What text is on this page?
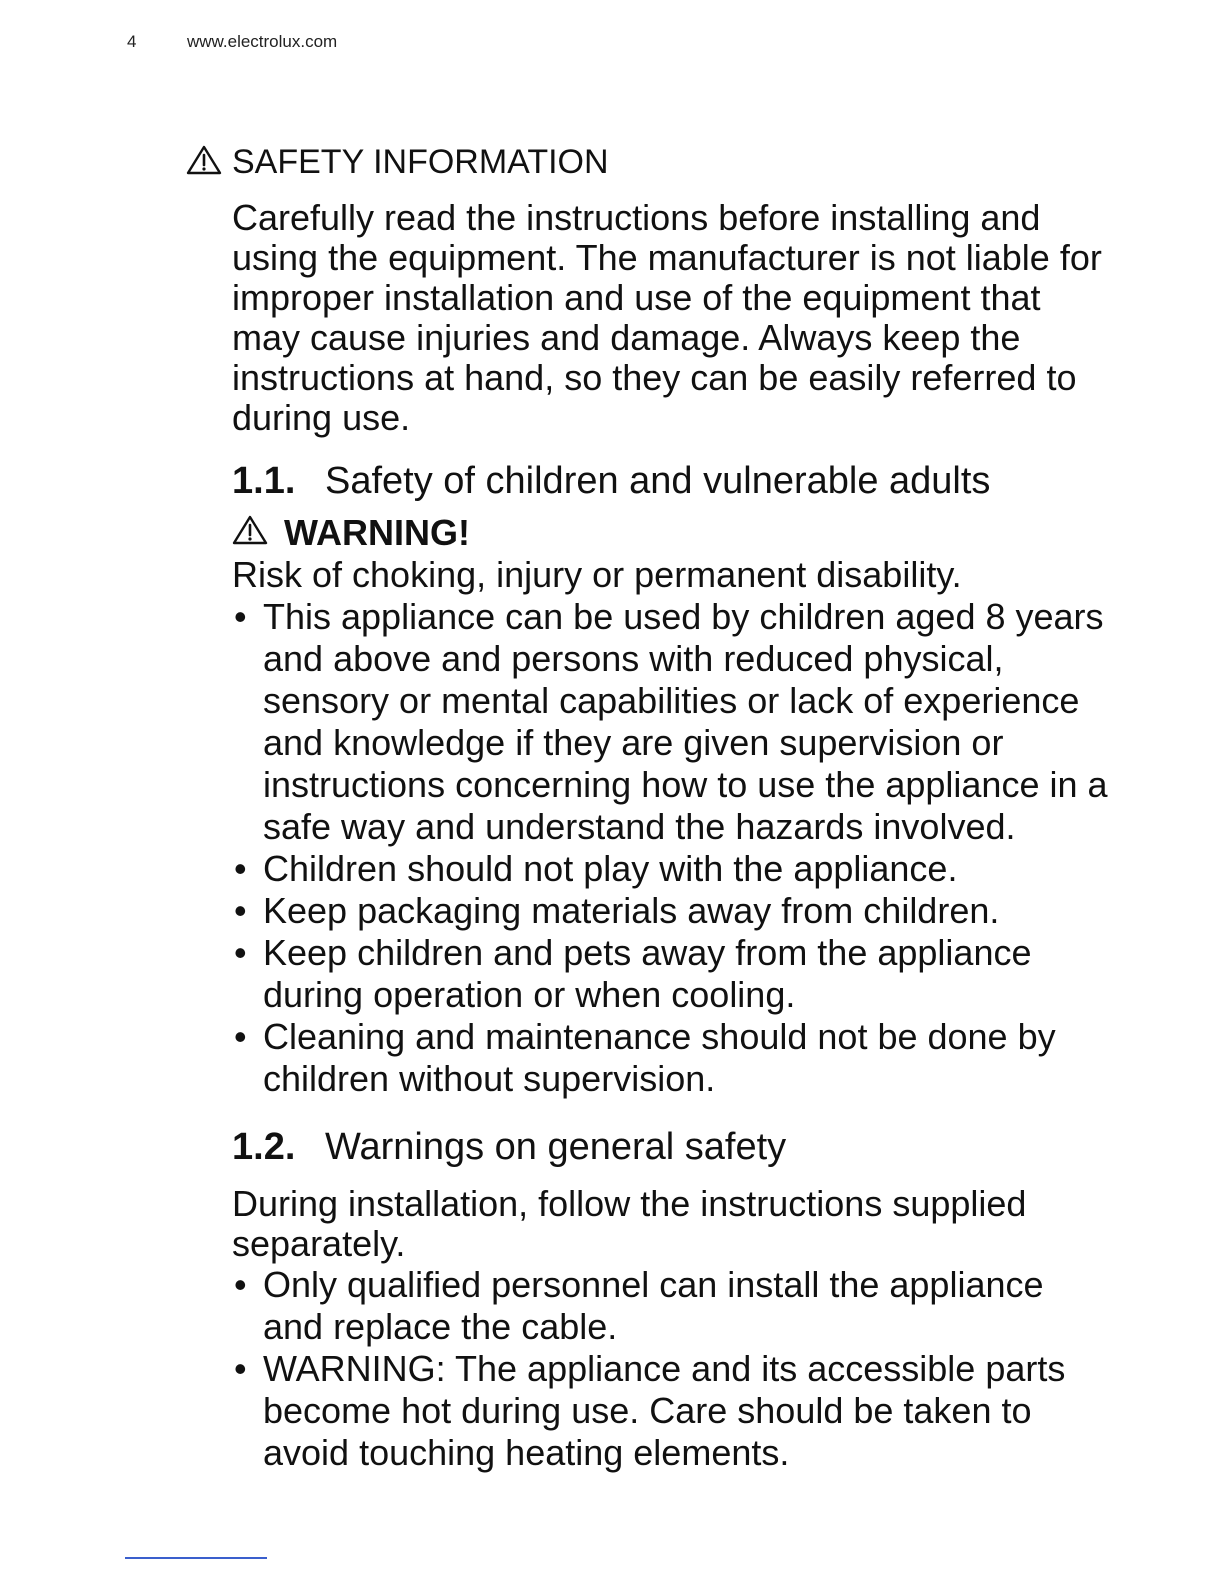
4	www.electrolux.com
SAFETY INFORMATION

Carefully read the instructions before installing and using the equipment. The manufacturer is not liable for improper installation and use of the equipment that may cause injuries and damage. Always keep the instructions at hand, so they can be easily referred to during use.

1.1. Safety of children and vulnerable adults
WARNING!

Risk of choking, injury or permanent disability.

• This appliance can be used by children aged 8 years and above and persons with reduced physical, sensory or mental capabilities or lack of experience and knowledge if they are given supervision or instructions concerning how to use the appliance in a safe way and understand the hazards involved.
• Children should not play with the appliance.
• Keep packaging materials away from children.
• Keep children and pets away from the appliance during operation or when cooling.
• Cleaning and maintenance should not be done by children without supervision.
1.2. Warnings on general safety

During installation, follow the instructions supplied separately.

• Only qualified personnel can install the appliance and replace the cable.
• WARNING: The appliance and its accessible parts become hot during use. Care should be taken to avoid touching heating elements.
